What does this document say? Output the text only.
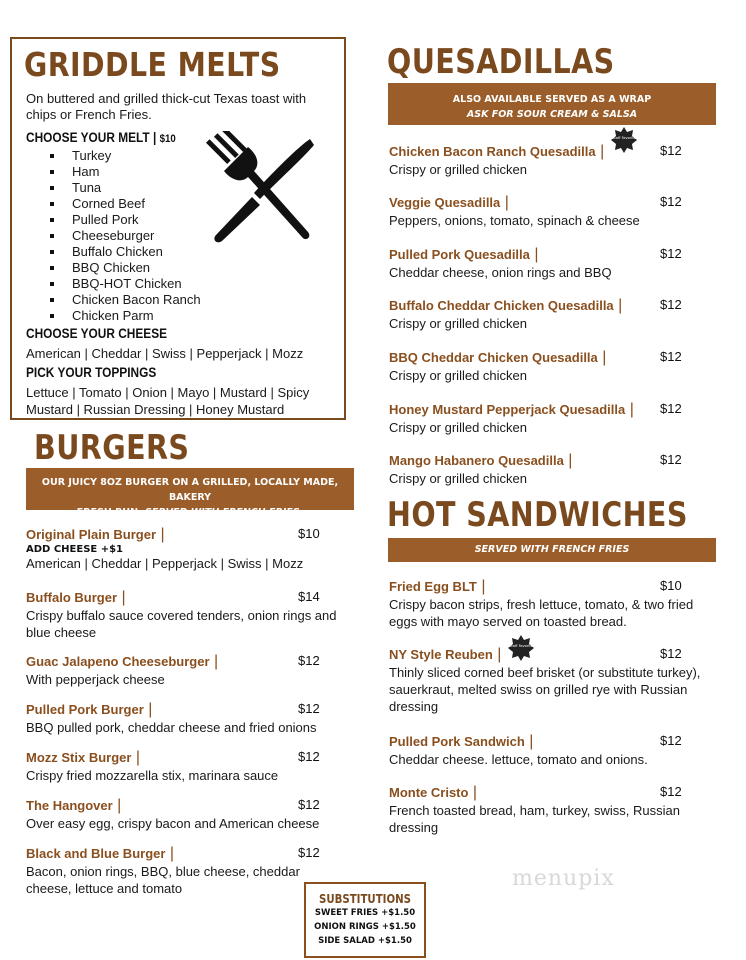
GRIDDLE MELTS
On buttered and grilled thick-cut Texas toast with chips or French Fries.
CHOOSE YOUR MELT | $10
Turkey
Ham
Tuna
Corned Beef
Pulled Pork
Cheeseburger
Buffalo Chicken
BBQ Chicken
BBQ-HOT Chicken
Chicken Bacon Ranch
Chicken Parm
CHOOSE YOUR CHEESE
American | Cheddar | Swiss | Pepperjack | Mozz
PICK YOUR TOPPINGS
Lettuce | Tomato | Onion | Mayo | Mustard | Spicy
Mustard | Russian Dressing | Honey Mustard
BURGERS
OUR JUICY 8OZ BURGER ON A GRILLED, LOCALLY MADE, BAKERY
FRESH BUN. SERVED WITH FRENCH FRIES.
Original Plain Burger |	$10
ADD CHEESE +$1
American | Cheddar | Pepperjack | Swiss | Mozz
Buffalo Burger |	$14
Crispy buffalo sauce covered tenders, onion rings and blue cheese
Guac Jalapeno Cheeseburger |	$12
With pepperjack cheese
Pulled Pork Burger |	$12
BBQ pulled pork, cheddar cheese and fried onions
Mozz Stix Burger |	$12
Crispy fried mozzarella stix, marinara sauce
The Hangover |	$12
Over easy egg, crispy bacon and American cheese
Black and Blue Burger |	$12
Bacon, onion rings, BBQ, blue cheese, cheddar cheese, lettuce and tomato
QUESADILLAS
ALSO AVAILABLE SERVED AS A WRAP
ASK FOR SOUR CREAM & SALSA
Chicken Bacon Ranch Quesadilla |	$12
Crispy or grilled chicken
Staff Favorite
Veggie Quesadilla |	$12
Peppers, onions, tomato, spinach & cheese
Pulled Pork Quesadilla |	$12
Cheddar cheese, onion rings and BBQ
Buffalo Cheddar Chicken Quesadilla |	$12
Crispy or grilled chicken
BBQ Cheddar Chicken Quesadilla |	$12
Crispy or grilled chicken
Honey Mustard Pepperjack Quesadilla | $12
Crispy or grilled chicken
Mango Habanero Quesadilla |	$12
Crispy or grilled chicken
HOT SANDWICHES
SERVED WITH FRENCH FRIES
Fried Egg BLT |	$10
Crispy bacon strips, fresh lettuce, tomato, & two fried eggs with mayo served on toasted bread.
NY Style Reuben |	$12
Thinly sliced corned beef brisket (or substitute turkey), sauerkraut, melted swiss on grilled rye with Russian dressing
Staff Favorite
Pulled Pork Sandwich |	$12
Cheddar cheese. lettuce, tomato and onions.
Monte Cristo |	$12
French toasted bread, ham, turkey, swiss, Russian dressing
SUBSTITUTIONS
SWEET FRIES +$1.50
ONION RINGS +$1.50
SIDE SALAD +$1.50
menupix
